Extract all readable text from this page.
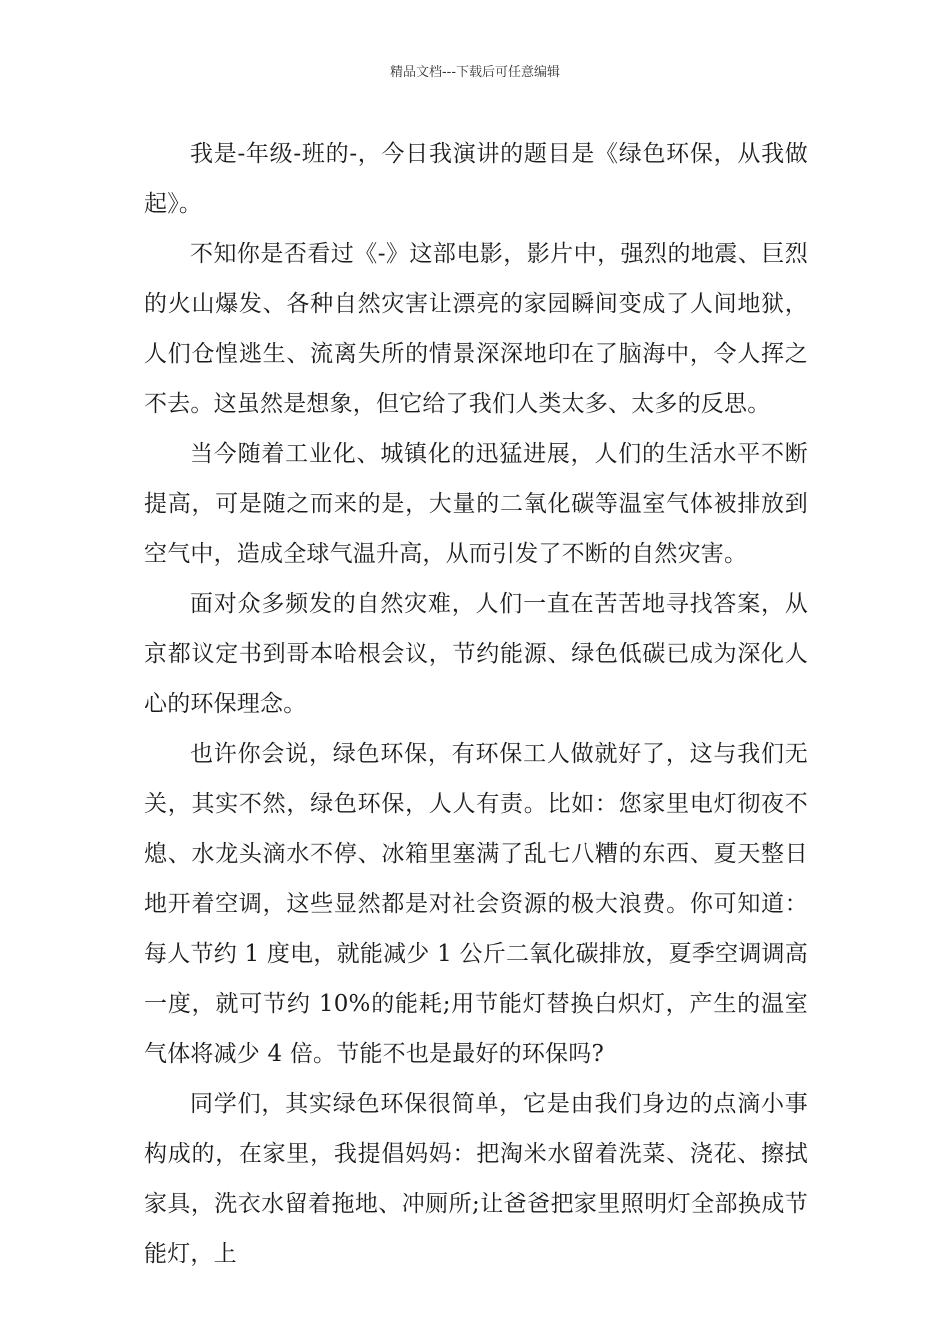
精品文档---下载后可任意编辑

我是-年级-班的-，今日我演讲的题目是《绿色环保，从我做起》。

不知你是否看过《-》这部电影，影片中，强烈的地震、巨烈的火山爆发、各种自然灾害让漂亮的家园瞬间变成了人间地狱，人们仓惶逃生、流离失所的情景深深地印在了脑海中，令人挥之不去。这虽然是想象，但它给了我们人类太多、太多的反思。

当今随着工业化、城镇化的迅猛进展，人们的生活水平不断提高，可是随之而来的是，大量的二氧化碳等温室气体被排放到空气中，造成全球气温升高，从而引发了不断的自然灾害。

面对众多频发的自然灾难，人们一直在苦苦地寻找答案，从京都议定书到哥本哈根会议，节约能源、绿色低碳已成为深化人心的环保理念。

也许你会说，绿色环保，有环保工人做就好了，这与我们无关，其实不然，绿色环保，人人有责。比如：您家里电灯彻夜不熄、水龙头滴水不停、冰箱里塞满了乱七八糟的东西、夏天整日地开着空调，这些显然都是对社会资源的极大浪费。你可知道：每人节约 1 度电，就能减少 1 公斤二氧化碳排放，夏季空调调高一度，就可节约 10%的能耗;用节能灯替换白炽灯，产生的温室气体将减少 4 倍。节能不也是最好的环保吗?

同学们，其实绿色环保很简单，它是由我们身边的点滴小事构成的，在家里，我提倡妈妈：把淘米水留着洗菜、浇花、擦拭家具，洗衣水留着拖地、冲厕所;让爸爸把家里照明灯全部换成节能灯，上
